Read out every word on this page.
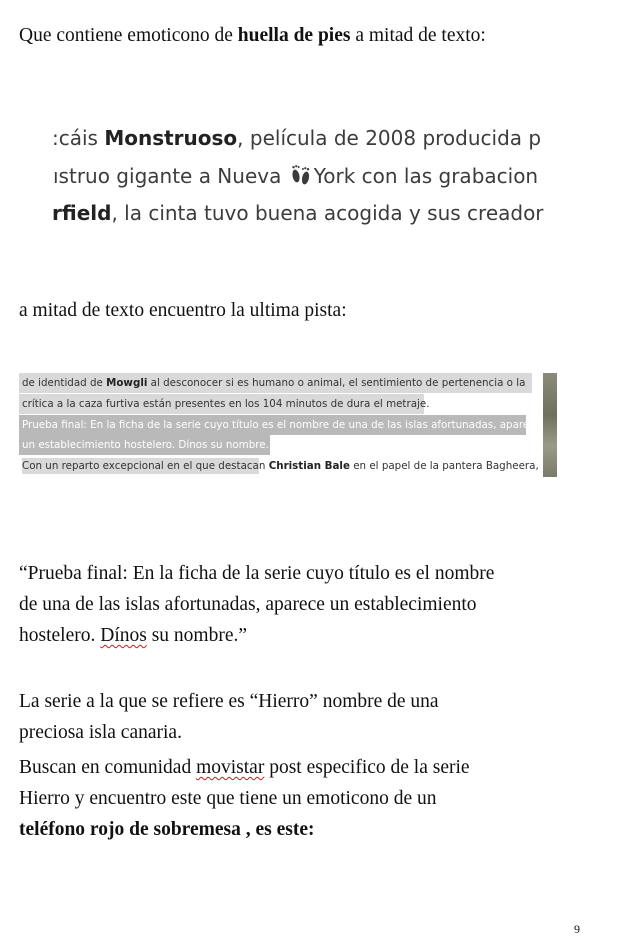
Que contiene emoticono de huella de pies a mitad de texto:

:cáis Monstruoso, película de 2008 producida p
ıstruo gigante a Nueva York con las grabacion
rfield, la cinta tuvo buena acogida y sus creador

a mitad de texto encuentro la ultima pista:

de identidad de Mowgli al desconocer si es humano o animal, el sentimiento de pertenencia o la
crítica a la caza furtiva están presentes en los 104 minutos de dura el metraje.
Prueba final: En la ficha de la serie cuyo título es el nombre de una de las islas afortunadas, aparece
un establecimiento hostelero. Dínos su nombre.
Con un reparto excepcional en el que destacan Christian Bale en el papel de la pantera Bagheera,

“Prueba final: En la ficha de la serie cuyo título es el nombre
de una de las islas afortunadas, aparece un establecimiento
hostelero. Dínos su nombre.”

La serie a la que se refiere es “Hierro” nombre de una
preciosa isla canaria.

Buscan en comunidad movistar post especifico de la serie
Hierro y encuentro este que tiene un emoticono de un
teléfono rojo de sobremesa , es este:

9
